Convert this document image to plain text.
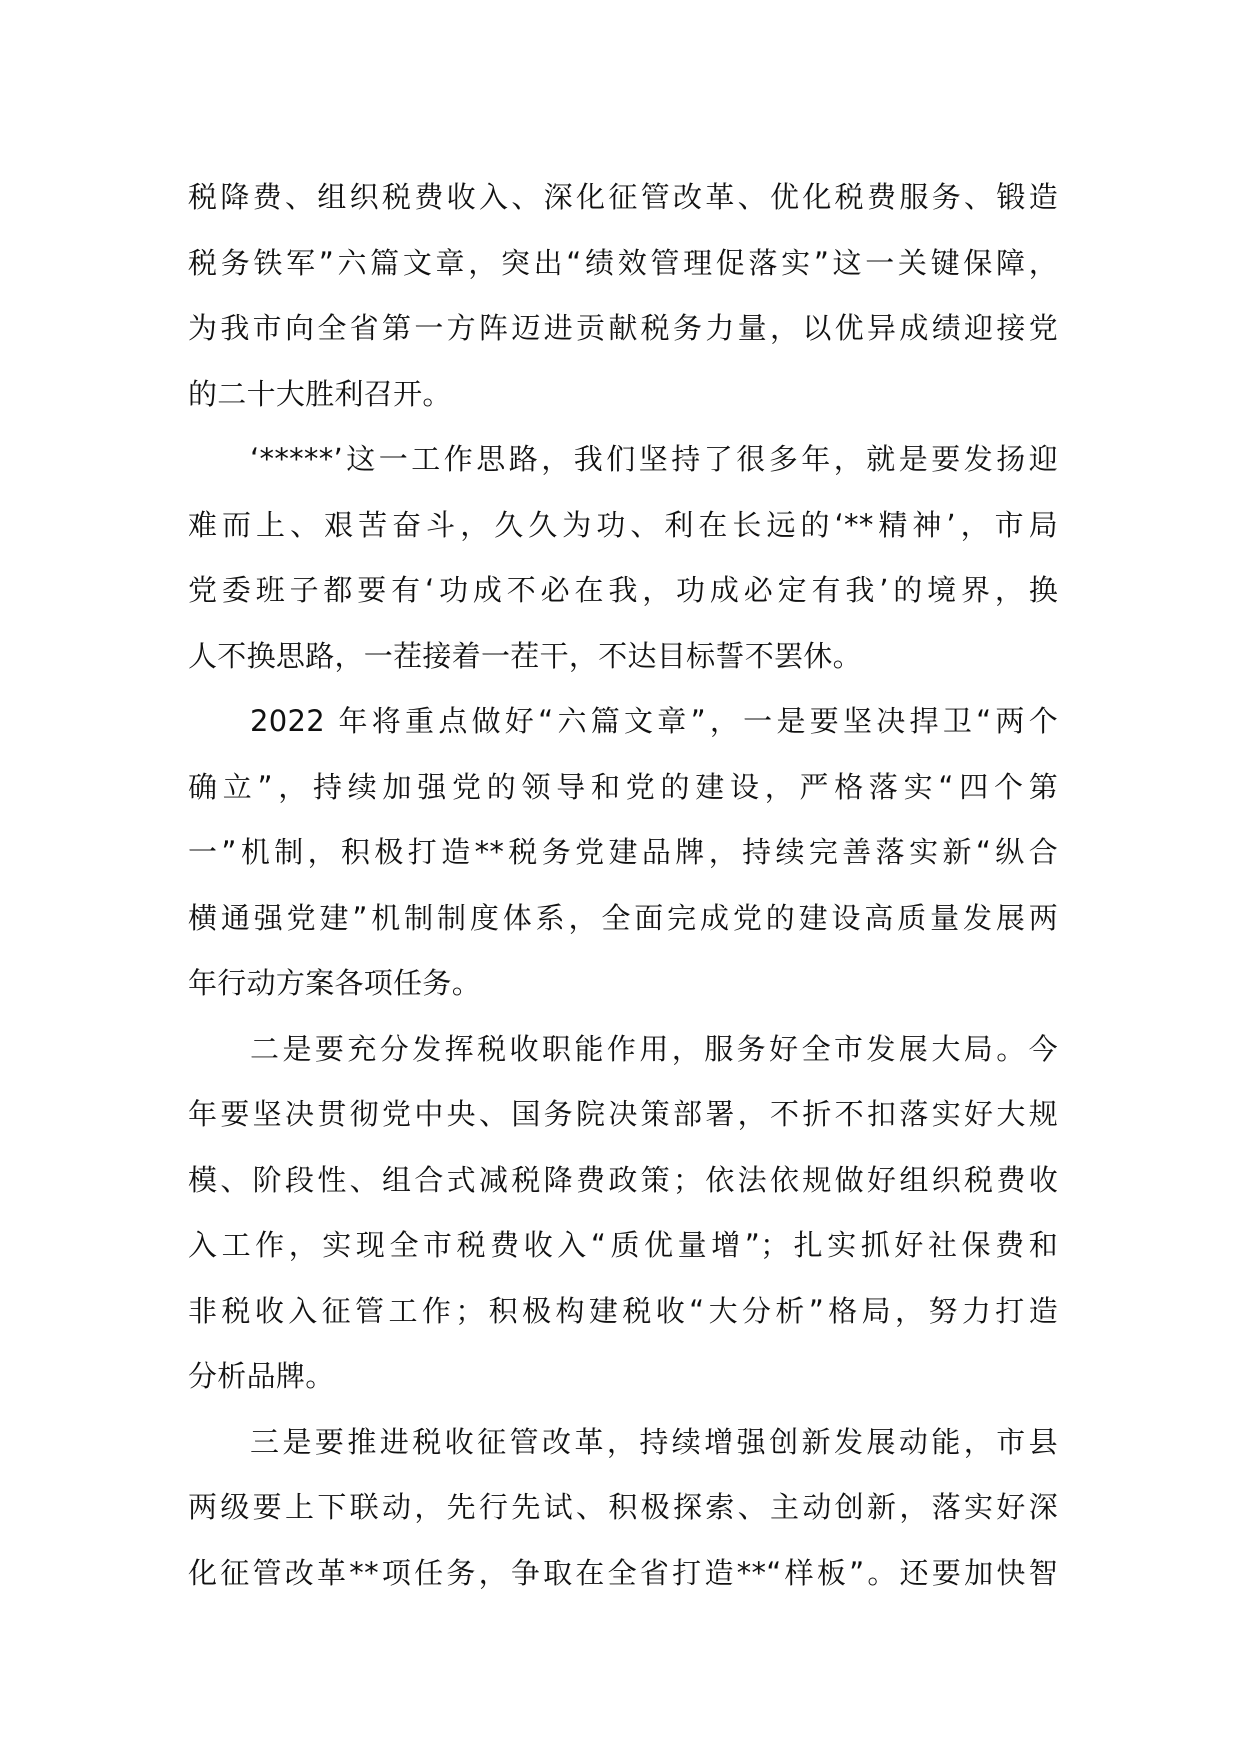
税降费、组织税费收入、深化征管改革、优化税费服务、锻造
税务铁军”六篇文章，突出“绩效管理促落实”这一关键保障，
为我市向全省第一方阵迈进贡献税务力量，以优异成绩迎接党
的二十大胜利召开。
‘*****’这一工作思路，我们坚持了很多年，就是要发扬迎
难而上、艰苦奋斗，久久为功、利在长远的‘**精神’，市局
党委班子都要有‘功成不必在我，功成必定有我’的境界，换
人不换思路，一茬接着一茬干，不达目标誓不罢休。
2022 年将重点做好“六篇文章”，一是要坚决捍卫“两个
确立”，持续加强党的领导和党的建设，严格落实“四个第
一”机制，积极打造**税务党建品牌，持续完善落实新“纵合
横通强党建”机制制度体系，全面完成党的建设高质量发展两
年行动方案各项任务。
二是要充分发挥税收职能作用，服务好全市发展大局。今
年要坚决贯彻党中央、国务院决策部署，不折不扣落实好大规
模、阶段性、组合式减税降费政策；依法依规做好组织税费收
入工作，实现全市税费收入“质优量增”；扎实抓好社保费和
非税收入征管工作；积极构建税收“大分析”格局，努力打造
分析品牌。
三是要推进税收征管改革，持续增强创新发展动能，市县
两级要上下联动，先行先试、积极探索、主动创新，落实好深
化征管改革**项任务，争取在全省打造**“样板”。还要加快智
